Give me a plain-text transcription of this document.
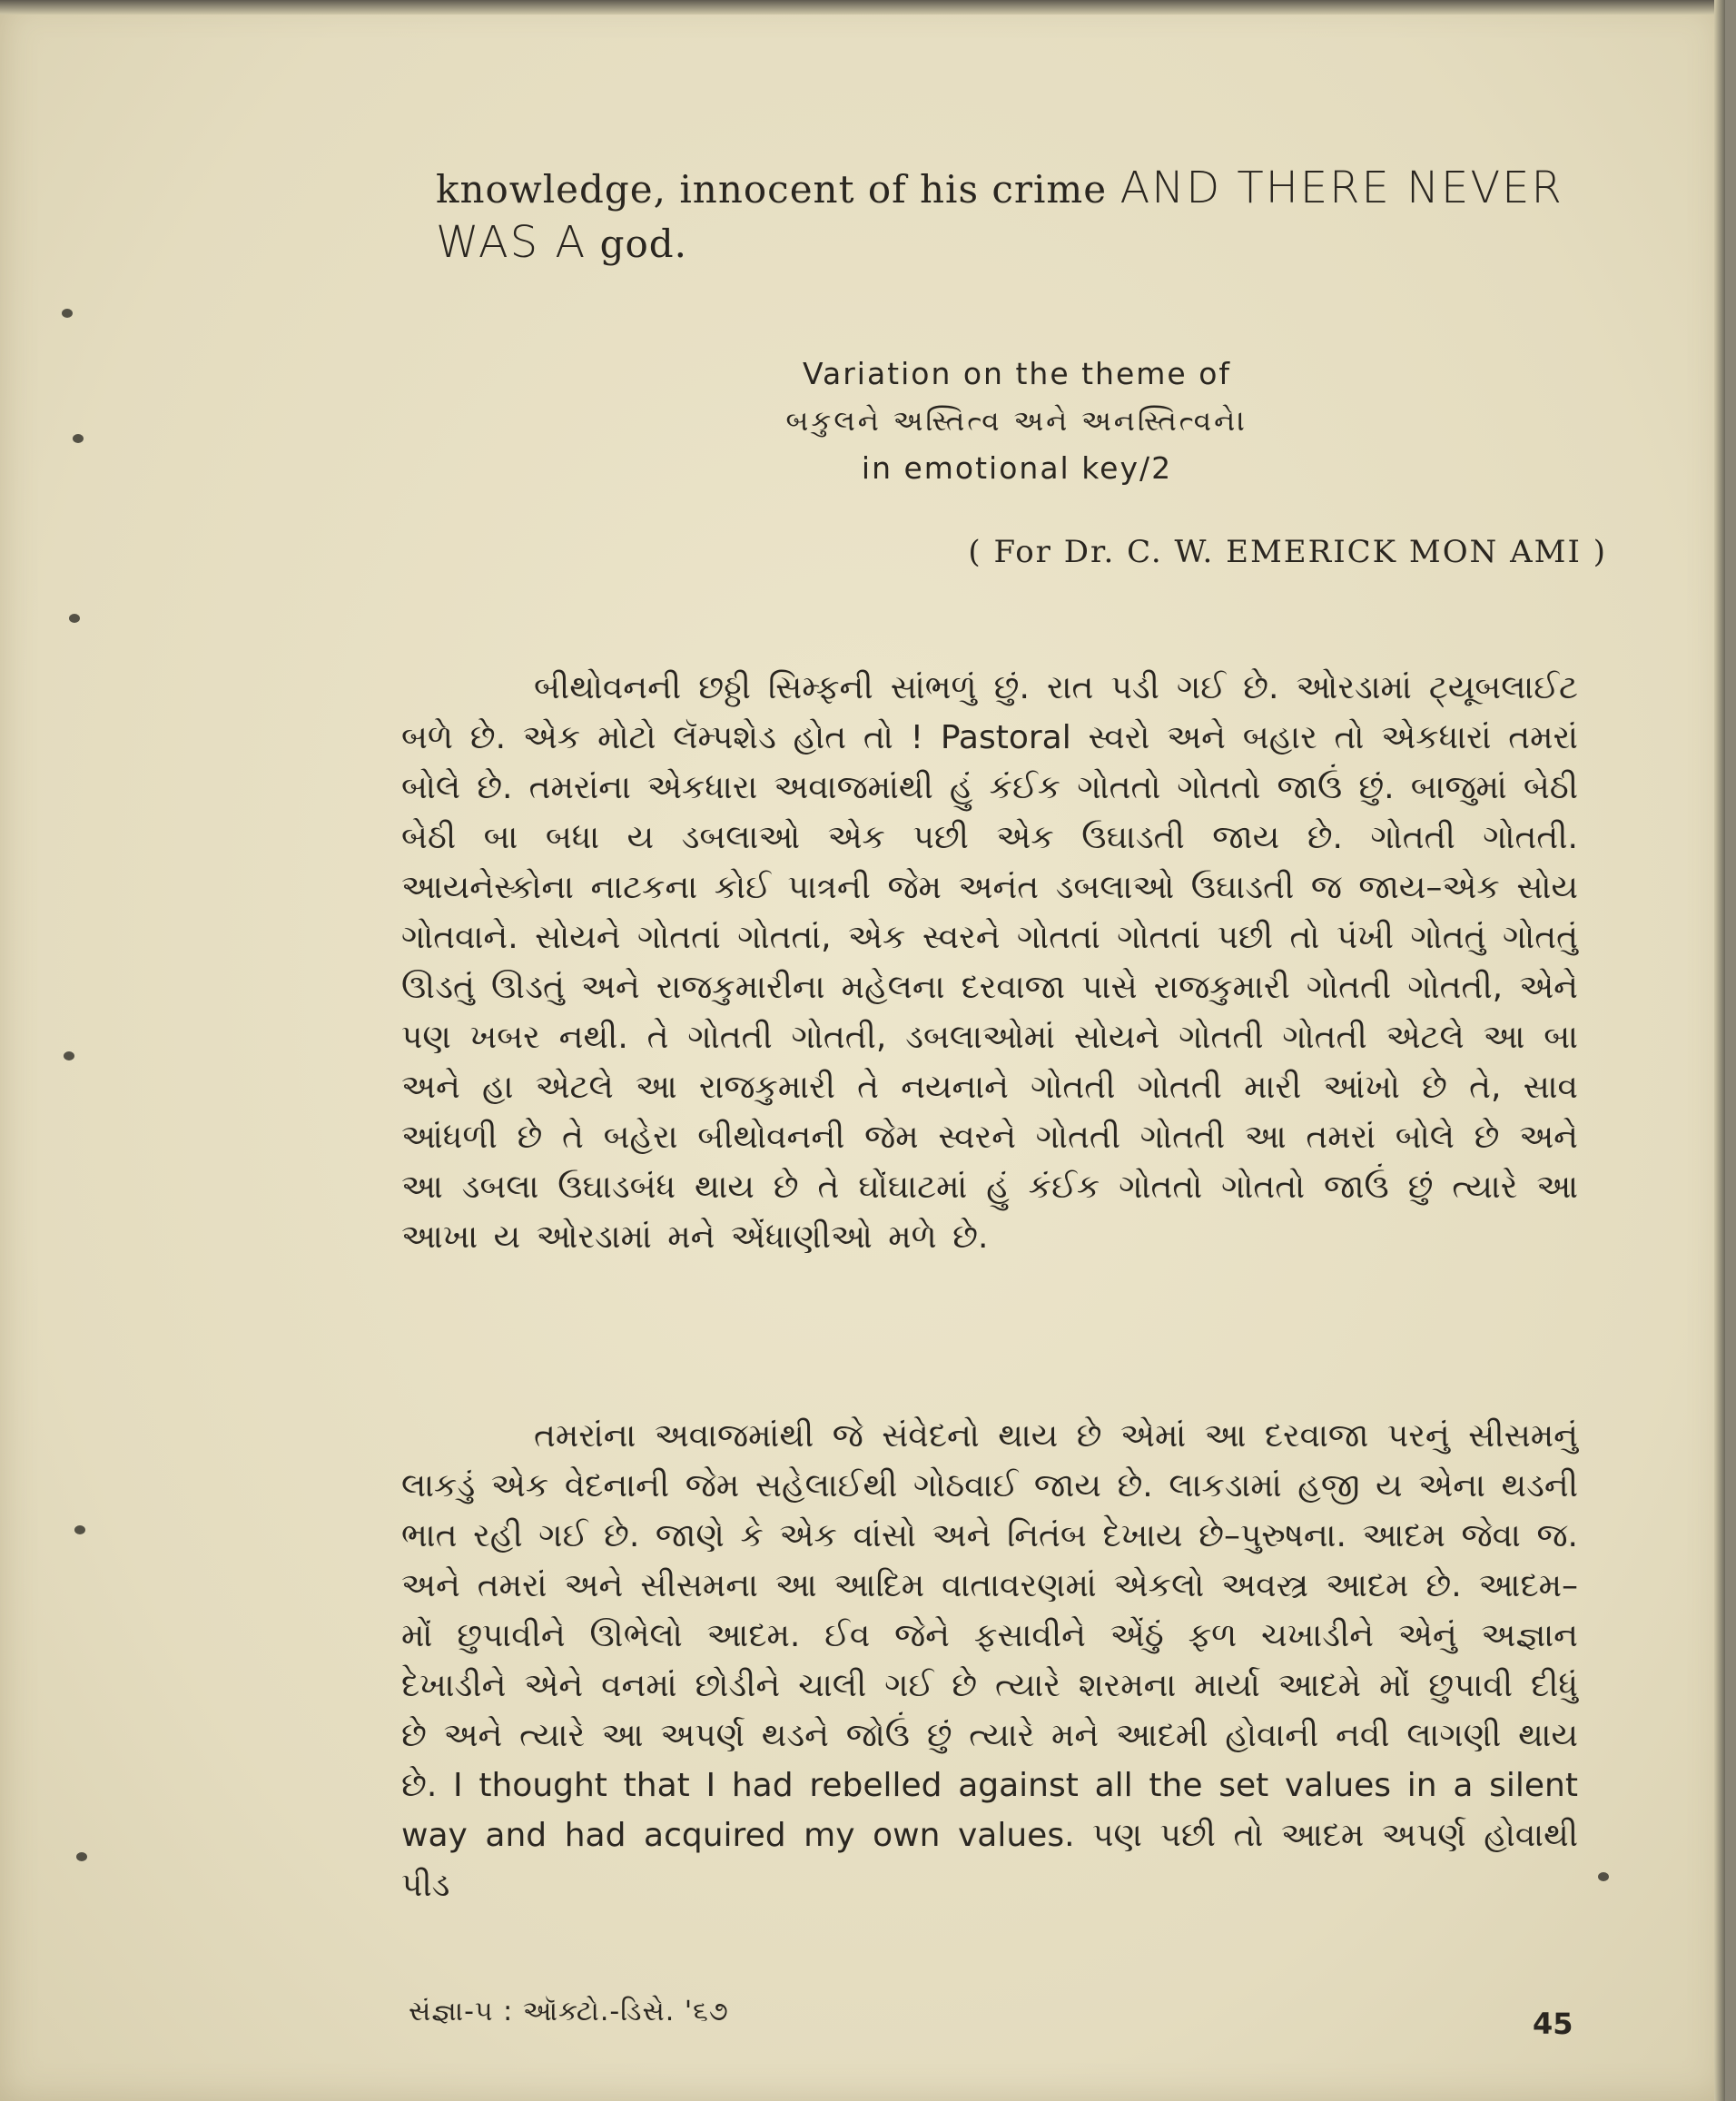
knowledge, innocent of his crime AND THERE NEVER
WAS A god.
Variation on the theme of
બકુલને અસ્તિત્વ અને અનસ્તિત્વને।
in emotional key/2
( For Dr. C. W. EMERICK MON AMI )
બીથોવનની છઠ્ઠી સિમ્ફની સાંભળું છું. રાત પડી ગઈ છે. ઓરડામાં ટ્યૂબલાઈટ બળે છે. એક મોટો લૅમ્પશેડ હોત તો ! Pastoral સ્વરો અને બહાર તો એકધારાં તમરાં બોલે છે. તમરાંના એકધારા અવાજમાંથી હું કંઈક ગોતતો ગોતતો જાઉં છું. બાજુમાં બેઠી બેઠી બા બધા ય ડબલાઓ એક પછી એક ઉઘાડતી જાય છે. ગોતતી ગોતતી. આયનેસ્કોના નાટકના કોઈ પાત્રની જેમ અનંત ડબલાઓ ઉઘાડતી જ જાય–એક સોય ગોતવાને. સોયને ગોતતાં ગોતતાં, એક સ્વરને ગોતતાં ગોતતાં પછી તો પંખી ગોતતું ગોતતું ઊડતું ઊડતું અને રાજકુમારીના મહેલના દરવાજા પાસે રાજકુમારી ગોતતી ગોતતી, એને પણ ખબર નથી. તે ગોતતી ગોતતી, ડબલાઓમાં સોયને ગોતતી ગોતતી એટલે આ બા અને હા એટલે આ રાજકુમારી તે નયનાને ગોતતી ગોતતી મારી આંખો છે તે, સાવ આંધળી છે તે બહેરા બીથોવનની જેમ સ્વરને ગોતતી ગોતતી આ તમરાં બોલે છે અને આ ડબલા ઉઘાડબંધ થાય છે તે ઘોંઘાટમાં હું કંઈક ગોતતો ગોતતો જાઉં છું ત્યારે આ આખા ય ઓરડામાં મને એંધાણીઓ મળે છે.
તમરાંના અવાજમાંથી જે સંવેદનો થાય છે એમાં આ દરવાજા પરનું સીસમનું લાકડું એક વેદનાની જેમ સહેલાઈથી ગોઠવાઈ જાય છે. લાકડામાં હજી ય એના થડની ભાત રહી ગઈ છે. જાણે કે એક વાંસો અને નિતંબ દેખાય છે–પુરુષના. આદમ જેવા જ. અને તમરાં અને સીસમના આ આદિમ વાતાવરણમાં એકલો અવસ્ત્ર આદમ છે. આદમ–મોં છુપાવીને ઊભેલો આદમ. ઈવ જેને ફસાવીને એંઠું ફળ ચખાડીને એનું અજ્ઞાન દેખાડીને એને વનમાં છોડીને ચાલી ગઈ છે ત્યારે શરમના માર્યા આદમે મોં છુપાવી દીધું છે અને ત્યારે આ અપર્ણ થડને જોઉં છું ત્યારે મને આદમી હોવાની નવી લાગણી થાય છે. I thought that I had rebelled against all the set values in a silent way and had acquired my own values. પણ પછી તો આદમ અપર્ણ હોવાથી પીડ
સંજ્ઞા-૫ : ઑક્ટો.-ડિસે. '૬૭	45
